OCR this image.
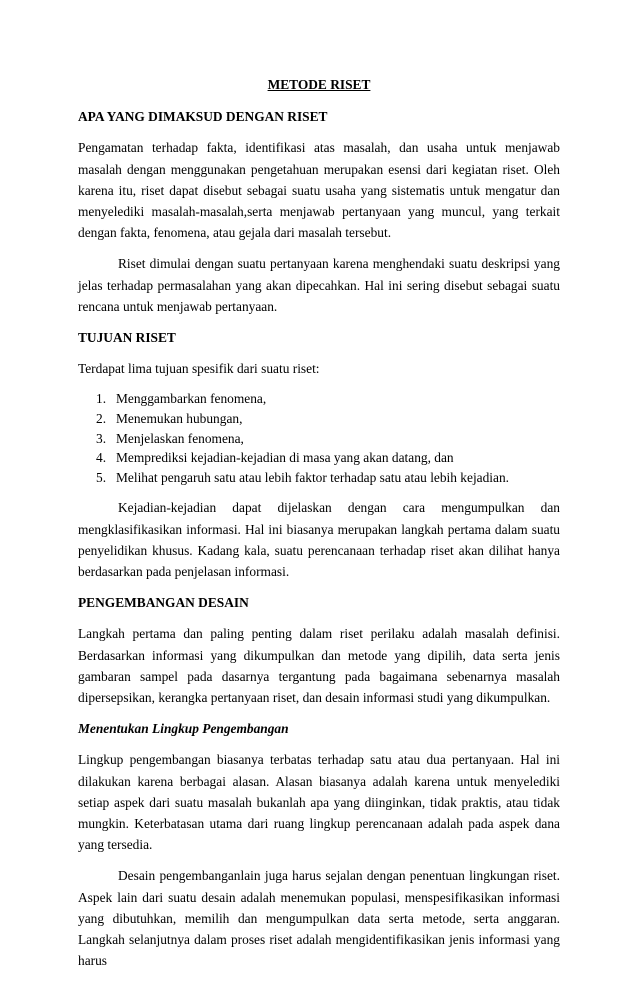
METODE RISET
APA YANG DIMAKSUD DENGAN RISET
Pengamatan terhadap fakta, identifikasi atas masalah, dan usaha untuk menjawab masalah dengan menggunakan pengetahuan merupakan esensi dari kegiatan riset. Oleh karena itu, riset dapat disebut sebagai suatu usaha yang sistematis untuk mengatur dan menyelediki masalah-masalah,serta menjawab pertanyaan yang muncul, yang terkait dengan fakta, fenomena, atau gejala dari masalah tersebut.
Riset dimulai dengan suatu pertanyaan karena menghendaki suatu deskripsi yang jelas terhadap permasalahan yang akan dipecahkan. Hal ini sering disebut sebagai suatu rencana untuk menjawab pertanyaan.
TUJUAN RISET
Terdapat lima tujuan spesifik dari suatu riset:
1. Menggambarkan fenomena,
2. Menemukan hubungan,
3. Menjelaskan fenomena,
4. Memprediksi kejadian-kejadian di masa yang akan datang, dan
5. Melihat pengaruh satu atau lebih faktor terhadap satu atau lebih kejadian.
Kejadian-kejadian dapat dijelaskan dengan cara mengumpulkan dan mengklasifikasikan informasi. Hal ini biasanya merupakan langkah pertama dalam suatu penyelidikan khusus. Kadang kala, suatu perencanaan terhadap riset akan dilihat hanya berdasarkan pada penjelasan informasi.
PENGEMBANGAN DESAIN
Langkah pertama dan paling penting dalam riset perilaku adalah masalah definisi. Berdasarkan informasi yang dikumpulkan dan metode yang dipilih, data serta jenis gambaran sampel pada dasarnya tergantung pada bagaimana sebenarnya masalah dipersepsikan, kerangka pertanyaan riset, dan desain informasi studi yang dikumpulkan.
Menentukan Lingkup Pengembangan
Lingkup pengembangan biasanya terbatas terhadap satu atau dua pertanyaan. Hal ini dilakukan karena berbagai alasan. Alasan biasanya adalah karena untuk menyelediki setiap aspek dari suatu masalah bukanlah apa yang diinginkan, tidak praktis, atau tidak mungkin. Keterbatasan utama dari ruang lingkup perencanaan adalah pada aspek dana yang tersedia.
Desain pengembanganlain juga harus sejalan dengan penentuan lingkungan riset. Aspek lain dari suatu desain adalah menemukan populasi, menspesifikasikan informasi yang dibutuhkan, memilih dan mengumpulkan data serta metode, serta anggaran. Langkah selanjutnya dalam proses riset adalah mengidentifikasikan jenis informasi yang harus
